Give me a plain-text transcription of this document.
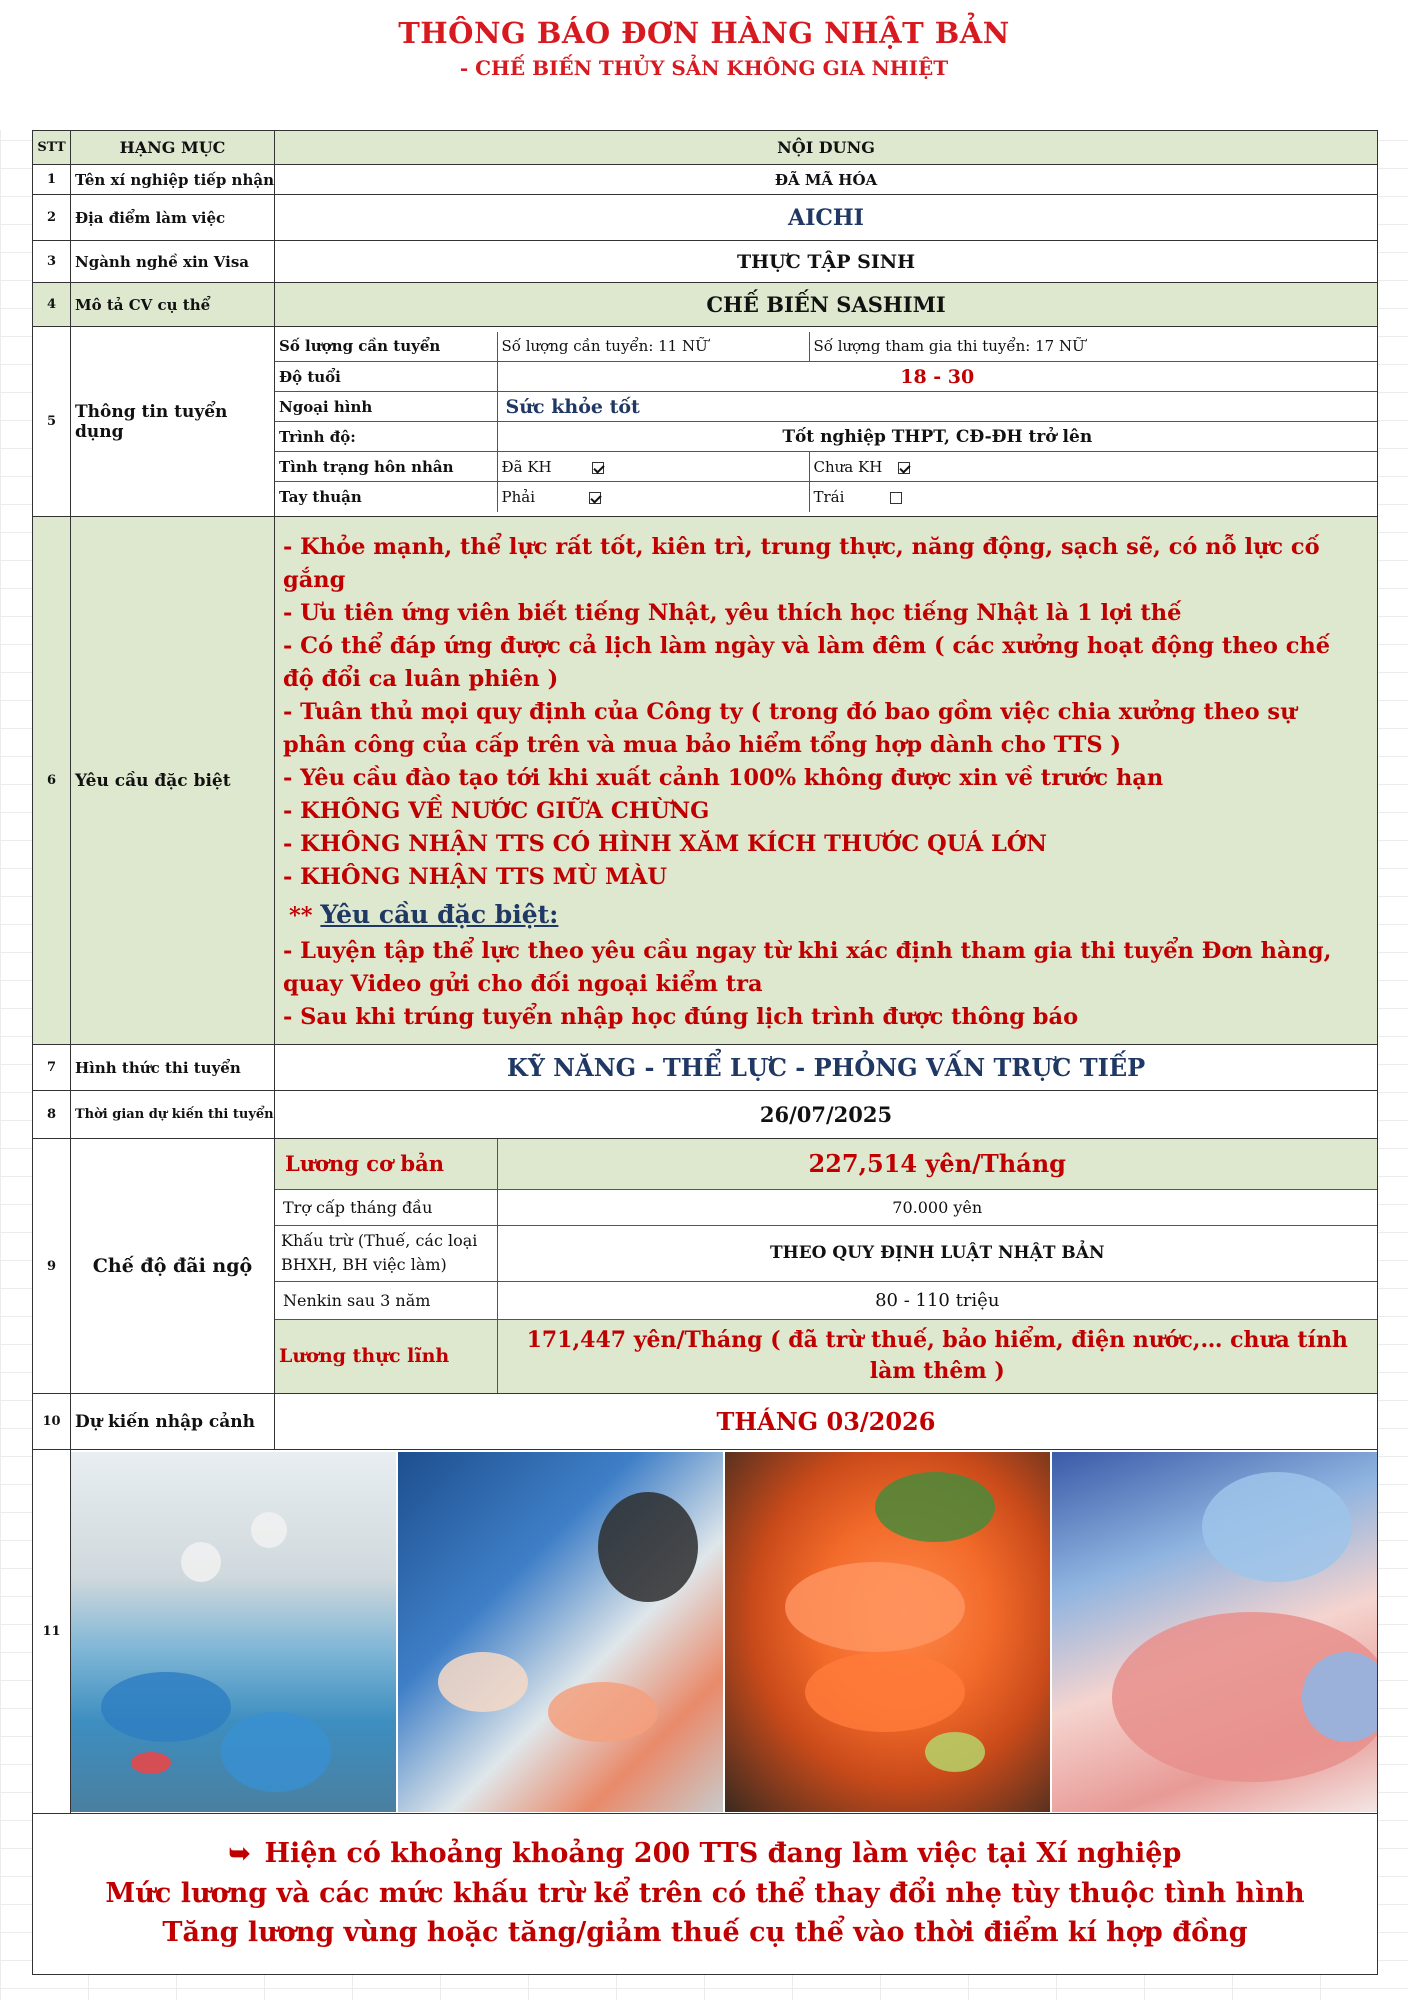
THÔNG BÁO ĐƠN HÀNG NHẬT BẢN
- CHẾ BIẾN THỦY SẢN KHÔNG GIA NHIỆT
STT	HẠNG MỤC	NỘI DUNG
1	Tên xí nghiệp tiếp nhận	ĐÃ MÃ HÓA
2	Địa điểm làm việc	AICHI
3	Ngành nghề xin Visa	THỰC TẬP SINH
4	Mô tả CV cụ thể	CHẾ BIẾN SASHIMI
5	Thông tin tuyển dụng	
Số lượng cần tuyển	Số lượng cần tuyển: 11 NỮ	Số lượng tham gia thi tuyển: 17 NỮ
Độ tuổi	18 - 30
Ngoại hình	Sức khỏe tốt
Trình độ:	Tốt nghiệp THPT, CĐ-ĐH trở lên
Tình trạng hôn nhân	Đã KH	Chưa KH
Tay thuận	Phải	Trái

6	Yêu cầu đặc biệt	
- Khỏe mạnh, thể lực rất tốt, kiên trì, trung thực, năng động, sạch sẽ, có nỗ lực cố gắng
- Ưu tiên ứng viên biết tiếng Nhật, yêu thích học tiếng Nhật là 1 lợi thế
- Có thể đáp ứng được cả lịch làm ngày và làm đêm ( các xưởng hoạt động theo chế độ đổi ca luân phiên )
- Tuân thủ mọi quy định của Công ty ( trong đó bao gồm việc chia xưởng theo sự phân công của cấp trên và mua bảo hiểm tổng hợp dành cho TTS )
- Yêu cầu đào tạo tới khi xuất cảnh 100% không được xin về trước hạn
- KHÔNG VỀ NƯỚC GIỮA CHỪNG
- KHÔNG NHẬN TTS CÓ HÌNH XĂM KÍCH THƯỚC QUÁ LỚN
- KHÔNG NHẬN TTS MÙ MÀU
** Yêu cầu đặc biệt:
- Luyện tập thể lực theo yêu cầu ngay từ khi xác định tham gia thi tuyển Đơn hàng, quay Video gửi cho đối ngoại kiểm tra
- Sau khi trúng tuyển nhập học đúng lịch trình được thông báo

7	Hình thức thi tuyển	KỸ NĂNG - THỂ LỰC - PHỎNG VẤN TRỰC TIẾP
8	Thời gian dự kiến thi tuyển	26/07/2025
9	Chế độ đãi ngộ	
Lương cơ bản	227,514 yên/Tháng
Trợ cấp tháng đầu	70.000 yên
Khấu trừ (Thuế, các loại BHXH, BH việc làm)	THEO QUY ĐỊNH LUẬT NHẬT BẢN
Nenkin sau 3 năm	80 - 110 triệu
Lương thực lĩnh	171,447 yên/Tháng ( đã trừ thuế, bảo hiểm, điện nước,… chưa tính làm thêm )

10	Dự kiến nhập cảnh	THÁNG 03/2026
11	

➥ Hiện có khoảng khoảng 200 TTS đang làm việc tại Xí nghiệp
Mức lương và các mức khấu trừ kể trên có thể thay đổi nhẹ tùy thuộc tình hình
Tăng lương vùng hoặc tăng/giảm thuế cụ thể vào thời điểm kí hợp đồng
